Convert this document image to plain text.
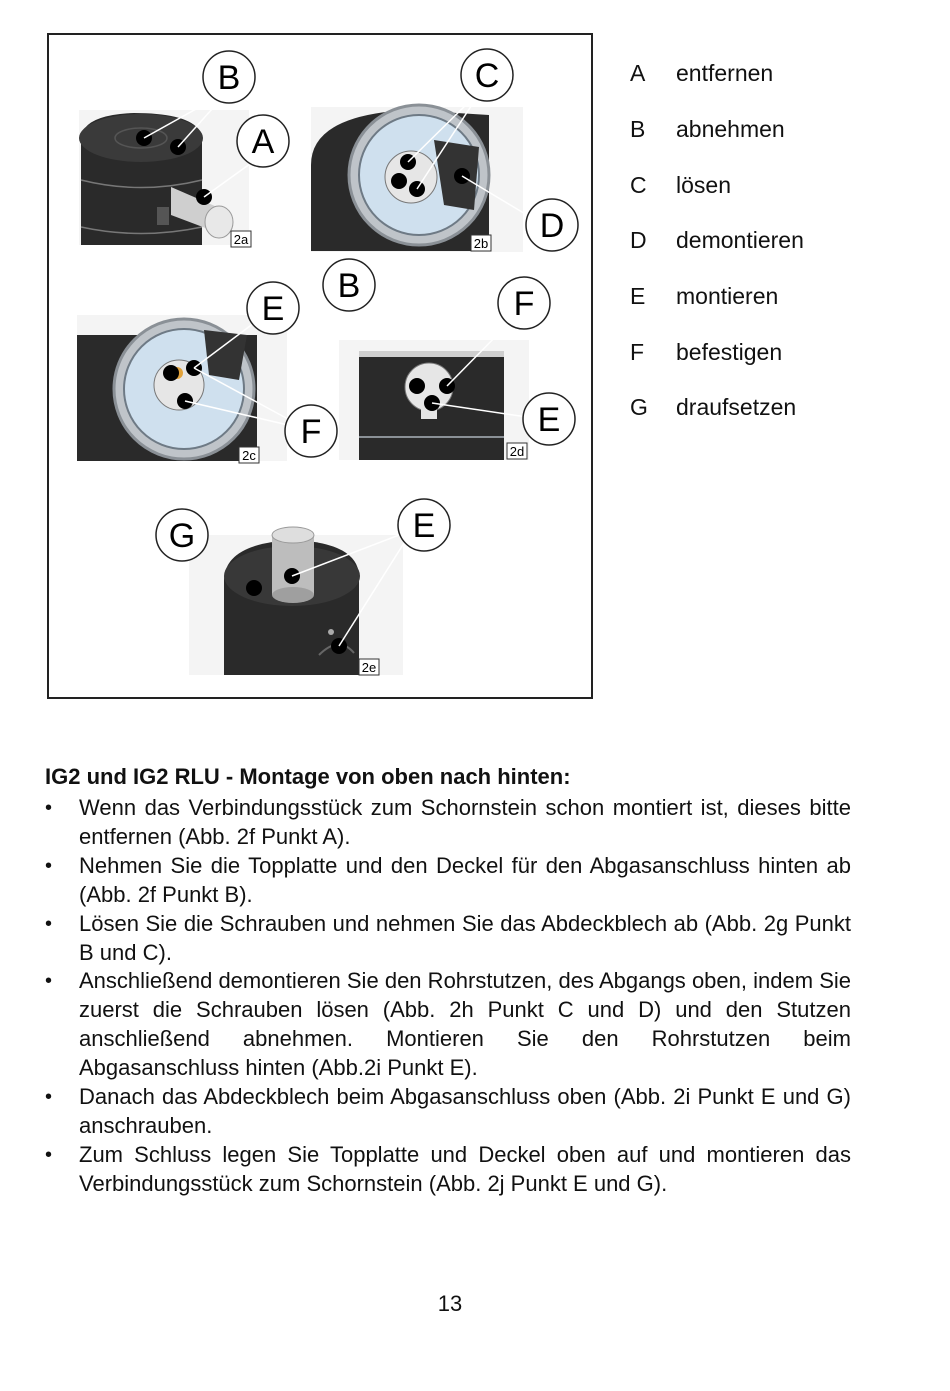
B
A
C
D
E
F
B	F
E
G	E
2a	2b
2c	2d
2e
A	entfernen
B	abnehmen
C	lösen
D	demontieren
E	montieren
F	befestigen
G	draufsetzen
IG2 und IG2 RLU - Montage von oben nach hinten:
• Wenn das Verbindungsstück zum Schornstein schon montiert ist, dieses bitte entfernen (Abb. 2f Punkt A).
• Nehmen Sie die Topplatte und den Deckel für den Abgasanschluss hinten ab (Abb. 2f Punkt B).
• Lösen Sie die Schrauben und nehmen Sie das Abdeckblech ab (Abb. 2g Punkt B und C).
• Anschließend demontieren Sie den Rohrstutzen, des Abgangs oben, indem Sie zuerst die Schrauben lösen (Abb. 2h Punkt C und D) und den Stutzen anschließend abnehmen. Montieren Sie den Rohrstutzen beim Abgasanschluss hinten (Abb.2i Punkt E).
• Danach das Abdeckblech beim Abgasanschluss oben (Abb. 2i Punkt E und G) anschrauben.
• Zum Schluss legen Sie Topplatte und Deckel oben auf und montieren das Verbindungsstück zum Schornstein (Abb. 2j Punkt E und G).
13
